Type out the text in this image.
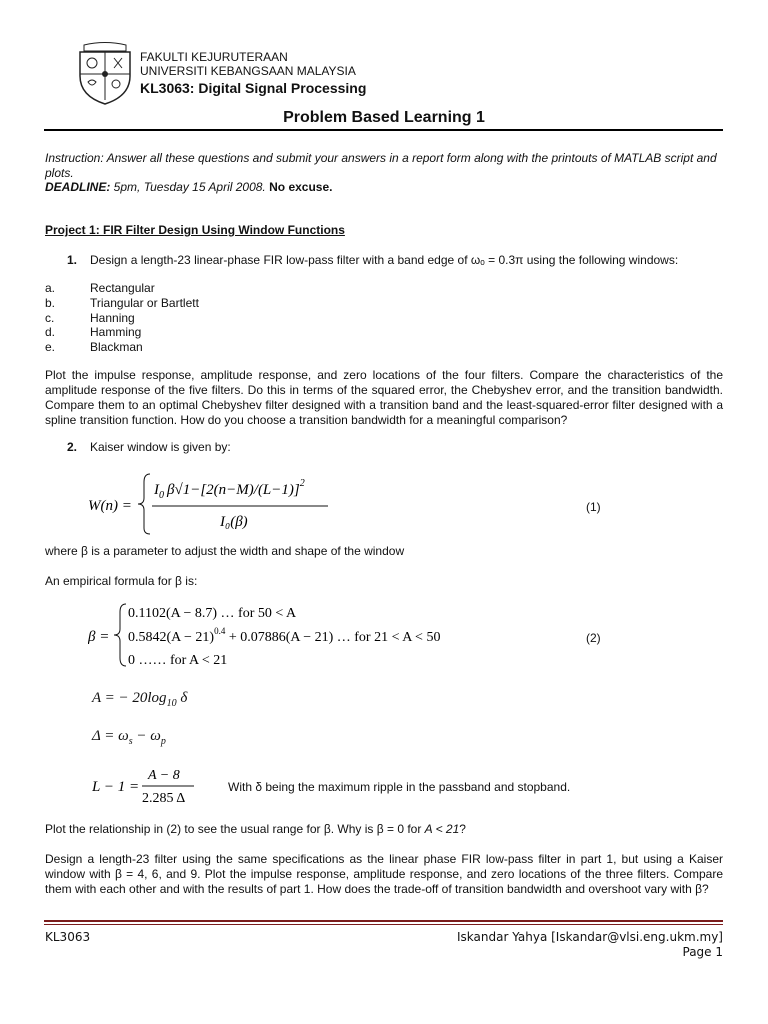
FAKULTI KEJURUTERAAN
UNIVERSITI KEBANGSAAN MALAYSIA
KL3063: Digital Signal Processing
Problem Based Learning 1
Instruction: Answer all these questions and submit your answers in a report form along with the printouts of MATLAB script and plots.
DEADLINE: 5pm, Tuesday 15 April 2008. No excuse.
Project 1: FIR Filter Design Using Window Functions
1. Design a length-23 linear-phase FIR low-pass filter with a band edge of ωₒ = 0.3π using the following windows:
a.	Rectangular
b.	Triangular or Bartlett
c.	Hanning
d.	Hamming
e.	Blackman
Plot the impulse response, amplitude response, and zero locations of the four filters. Compare the characteristics of the amplitude response of the five filters. Do this in terms of the squared error, the Chebyshev error, and the transition bandwidth. Compare them to an optimal Chebyshev filter designed with a transition band and the least-squared-error filter designed with a spline transition function. How do you choose a transition bandwidth for a meaningful comparison?
2. Kaiser window is given by:
W(n) =
$I_0$ $\beta√1-[2(n-M)/(L-1)]^2$
I₀(β)
(1)
where β is a parameter to adjust the width and shape of the window
An empirical formula for β is:
β =
0.1102(A − 8.7) … for 50 < A
$0.5842(A - 21)^{0.4} + 0.07886(A - 21)$ … for 21 < A < 50
0 …… for A < 21
(2)
A = − $20\log_{10}$ δ
$\Delta = \omega_s - \omega_p$
L − 1 =
A − 8
2.285 Δ
With δ being the maximum ripple in the passband and stopband.
Plot the relationship in (2) to see the usual range for β. Why is β = 0 for A < 21?
Design a length-23 filter using the same specifications as the linear phase FIR low-pass filter in part 1, but using a Kaiser window with β = 4, 6, and 9. Plot the impulse response, amplitude response, and zero locations of the three filters. Compare them with each other and with the results of part 1. How does the trade-off of transition bandwidth and overshoot vary with β?
KL3063	Iskandar Yahya [Iskandar@vlsi.eng.ukm.my]
Page 1
